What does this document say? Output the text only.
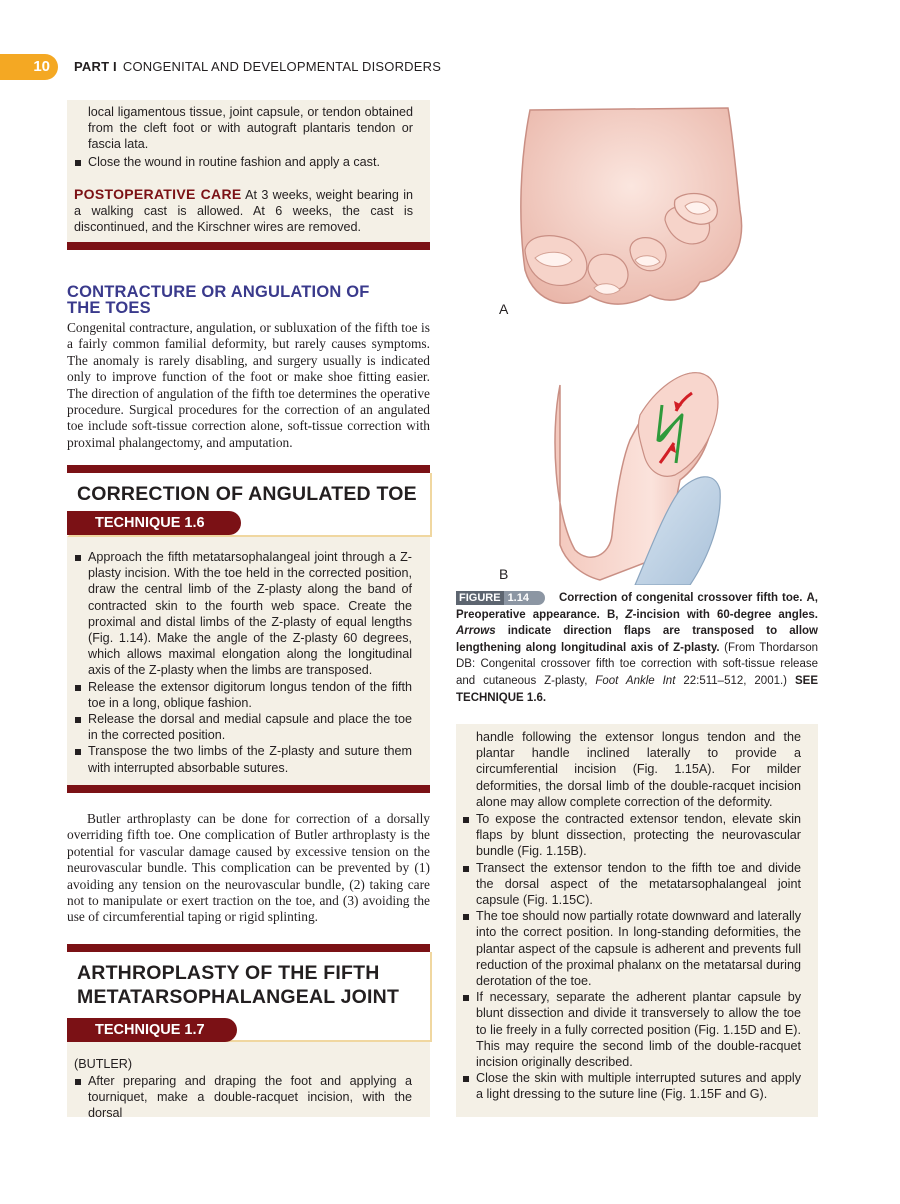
10	PART I CONGENITAL AND DEVELOPMENTAL DISORDERS
local ligamentous tissue, joint capsule, or tendon obtained from the cleft foot or with autograft plantaris tendon or fascia lata.
Close the wound in routine fashion and apply a cast.
POSTOPERATIVE CARE At 3 weeks, weight bearing in a walking cast is allowed. At 6 weeks, the cast is discontinued, and the Kirschner wires are removed.
CONTRACTURE OR ANGULATION OF THE TOES
Congenital contracture, angulation, or subluxation of the fifth toe is a fairly common familial deformity, but rarely causes symptoms. The anomaly is rarely disabling, and surgery usually is indicated only to improve function of the foot or make shoe fitting easier. The direction of angulation of the fifth toe determines the operative procedure. Surgical procedures for the correction of an angulated toe include soft-tissue correction alone, soft-tissue correction with proximal phalangectomy, and amputation.
CORRECTION OF ANGULATED TOE
TECHNIQUE 1.6
Approach the fifth metatarsophalangeal joint through a Z-plasty incision. With the toe held in the corrected position, draw the central limb of the Z-plasty along the band of contracted skin to the fourth web space. Create the proximal and distal limbs of the Z-plasty of equal lengths (Fig. 1.14). Make the angle of the Z-plasty 60 degrees, which allows maximal elongation along the longitudinal axis of the Z-plasty when the limbs are transposed.
Release the extensor digitorum longus tendon of the fifth toe in a long, oblique fashion.
Release the dorsal and medial capsule and place the toe in the corrected position.
Transpose the two limbs of the Z-plasty and suture them with interrupted absorbable sutures.
Butler arthroplasty can be done for correction of a dorsally overriding fifth toe. One complication of Butler arthroplasty is the potential for vascular damage caused by excessive tension on the neurovascular bundle. This complication can be prevented by (1) avoiding any tension on the neurovascular bundle, (2) taking care not to manipulate or exert traction on the toe, and (3) avoiding the use of circumferential taping or rigid splinting.
ARTHROPLASTY OF THE FIFTH
METATARSOPHALANGEAL JOINT
TECHNIQUE 1.7
(BUTLER)
After preparing and draping the foot and applying a tourniquet, make a double-racquet incision, with the dorsal
A
B
FIGURE 1.14	Correction of congenital crossover fifth toe. A, Preoperative appearance. B, Z-incision with 60-degree angles. Arrows indicate direction flaps are transposed to allow lengthening along longitudinal axis of Z-plasty. (From Thordarson DB: Congenital crossover fifth toe correction with soft-tissue release and cutaneous Z-plasty, Foot Ankle Int 22:511–512, 2001.) SEE TECHNIQUE 1.6.
handle following the extensor longus tendon and the plantar handle inclined laterally to provide a circumferential incision (Fig. 1.15A). For milder deformities, the dorsal limb of the double-racquet incision alone may allow complete correction of the deformity.
To expose the contracted extensor tendon, elevate skin flaps by blunt dissection, protecting the neurovascular bundle (Fig. 1.15B).
Transect the extensor tendon to the fifth toe and divide the dorsal aspect of the metatarsophalangeal joint capsule (Fig. 1.15C).
The toe should now partially rotate downward and laterally into the correct position. In long-standing deformities, the plantar aspect of the capsule is adherent and prevents full reduction of the proximal phalanx on the metatarsal during derotation of the toe.
If necessary, separate the adherent plantar capsule by blunt dissection and divide it transversely to allow the toe to lie freely in a fully corrected position (Fig. 1.15D and E). This may require the second limb of the double-racquet incision originally described.
Close the skin with multiple interrupted sutures and apply a light dressing to the suture line (Fig. 1.15F and G).
